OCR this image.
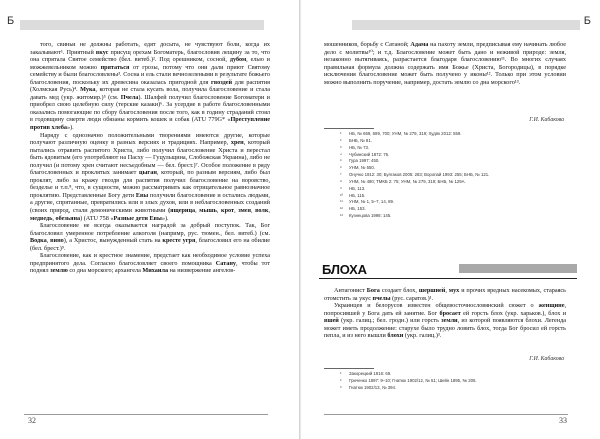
Б

того, свиньи не должны работать, едят досыта, не чувствуют боли, когда их закалывают¹. Приятный вкус присущ орехам Богоматерь, благословив лещину за то, что она спрятала Святое семейство (бел. витеб.)². Под орешником, сосной, дубом, елью и можжевельником можно прятаться от грозы, потому что они дали приют Святому семейству и были благословлены³. Сосна и ель стали вечнозелеными в результате божьего благословения, поскольку их древесина оказалась пригодной для гвоздей для распятия (Холмская Русь)⁴. Мука, которая не стала кусать вола, получила благословение и стала давать мед (укр. житомир.)⁵ (см. Пчела). Шалфей получил благословение Богоматери и приобрел свою целебную силу (терские казаки)⁶. За усердие в работе благословенными оказались помогающие по сбору благословения после того, как в годину страданий стоял в годовщину смерти люди обязаны кормить кошек и собак (АТU 779G* «Преступление против хлеба»).

Наряду с однозначно положительными творениями имеются другие, которые получают различную оценку в разных версиях и традициях. Например, хрен, который пытались отравить распятого Христа, либо получил благословение Христа и перестал быть ядовитым (его употребляют на Пасху — Гуцульщина, Слобожская Украина), либо не получил (и потому хрен считают несъедобным — бел. брест.)⁷. Особое положение в ряду благословенных и проклятых занимает цыган, который, по разным версиям, либо был проклят, либо за кражу гвоздя для распятия получил благословение на воровство, безделье и т.п.⁸, что, в сущности, можно рассматривать как отрицательное равнозначное проклятию. Представленные Богу дети Евы получили благословение и остались людьми, а другие, спрятанные, превратились или в злых духов, или в неблагословенных созданий (своих природ, стали демоническими животными (ящерица, мышь, крот, змея, волк, медведь, обезьяна) (АТU 758 «Разные дети Евы»).

Благословение не всегда оказывается наградой за добрый поступок. Так, Бог благословил умеренное потребление алкоголя (напримр, рус. тюмен., бел. витеб.) (см. Водка, вино), а Христос, вынужденный стать на кресте угря, благословил его на обилие (бел. брест.)⁹.

Благословение, как и крестное знамение, предстает как необходимое условие успеха предпринятого дела. Согласно благословляет своего помощника Сатану, чтобы тот поднял землю со дна морского; архангела Михаила на низвержение ангелов-

32
Б

мошенников, борьбу с Сатаной; Адама на пахоту земли, предписывая ему начинать любое дело с молитвы¹⁰; и т.д. Благословение может быть дано и неживой природе: земля, незаконно вытягиваясь, разрастается благодаря благословению¹¹. Во многих случаях правильная формула должна содержать имя Божье (Христа, Богородицы), в порядке исключения благословение может быть получено у иконы¹². Только при этом условии можно выполнить поручение, например, достать землю со дна морского¹³.

Г.И. Кабакова
¹ НБ, № 659, 699, 700; УНМ, № 279, 319; Худяк 2012: 559.
² БНБ, № 81.
³ НБ, № 73.
⁴ Чубинский 1872: 75.
⁵ Гура 1997: 450.
⁶ УНМ, № 550.
⁷ Онучко 1912: 30; Булгаков 2005: 283; Воропай 1993: 255; БНБ, № 121.
⁸ УНМ, № 480; ТМКБ 2: 75; УНМ, № 279, 319; БНБ, № 129А.
⁹ НБ, 113.
¹⁰ НБ, 115.
¹¹ УНМ, № 1, 5–7, 14, 89.
¹² НБ, 153.
¹³ Кузнецова 1998: 145.
БЛОХА

Антагонист Бога создает блох, шершней, мух и прочих вредных насекомых, стараясь отомстить за укус пчелы (рус. саратов.)¹.

Украинцев и белорусов известен общевосточнословянский сюжет о женщине, попросившей у Бога дать ей занятие. Бог бросает ей горсть блох (укр. харьков.), блох и вшей (укр. галиц.; бел. гродн.) или горсть земли, из которой появляются блохи. Легенда может иметь продолжение: старухе было трудно ловить блох, тогда Бог бросил ей горсть пепла, и из него вышли блохи (укр. галиц.)³.

Г.И. Кабакова
¹ Закорецкий 1916: 69.
² Гриченко 1897: 9–10; Гнатюк 1902/12, № 51; Шейн 1895, № 205.
³ Гнатюк 1902/13, № 394.
33
